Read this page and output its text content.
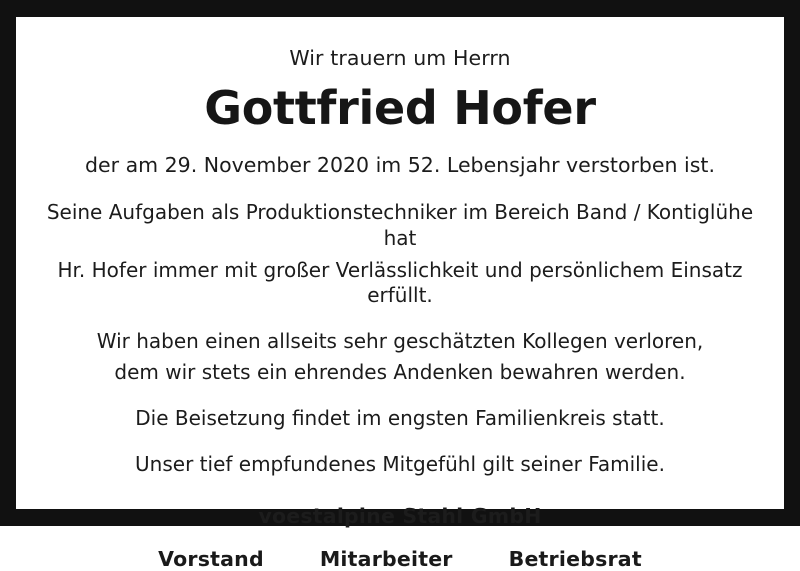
Wir trauern um Herrn
Gottfried Hofer
der am 29. November 2020 im 52. Lebensjahr verstorben ist.
Seine Aufgaben als Produktionstechniker im Bereich Band / Kontiglühe hat
Hr. Hofer immer mit großer Verlässlichkeit und persönlichem Einsatz erfüllt.
Wir haben einen allseits sehr geschätzten Kollegen verloren,
dem wir stets ein ehrendes Andenken bewahren werden.
Die Beisetzung findet im engsten Familienkreis statt.
Unser tief empfundenes Mitgefühl gilt seiner Familie.
voestalpine Stahl GmbH
Vorstand	Mitarbeiter	Betriebsrat
